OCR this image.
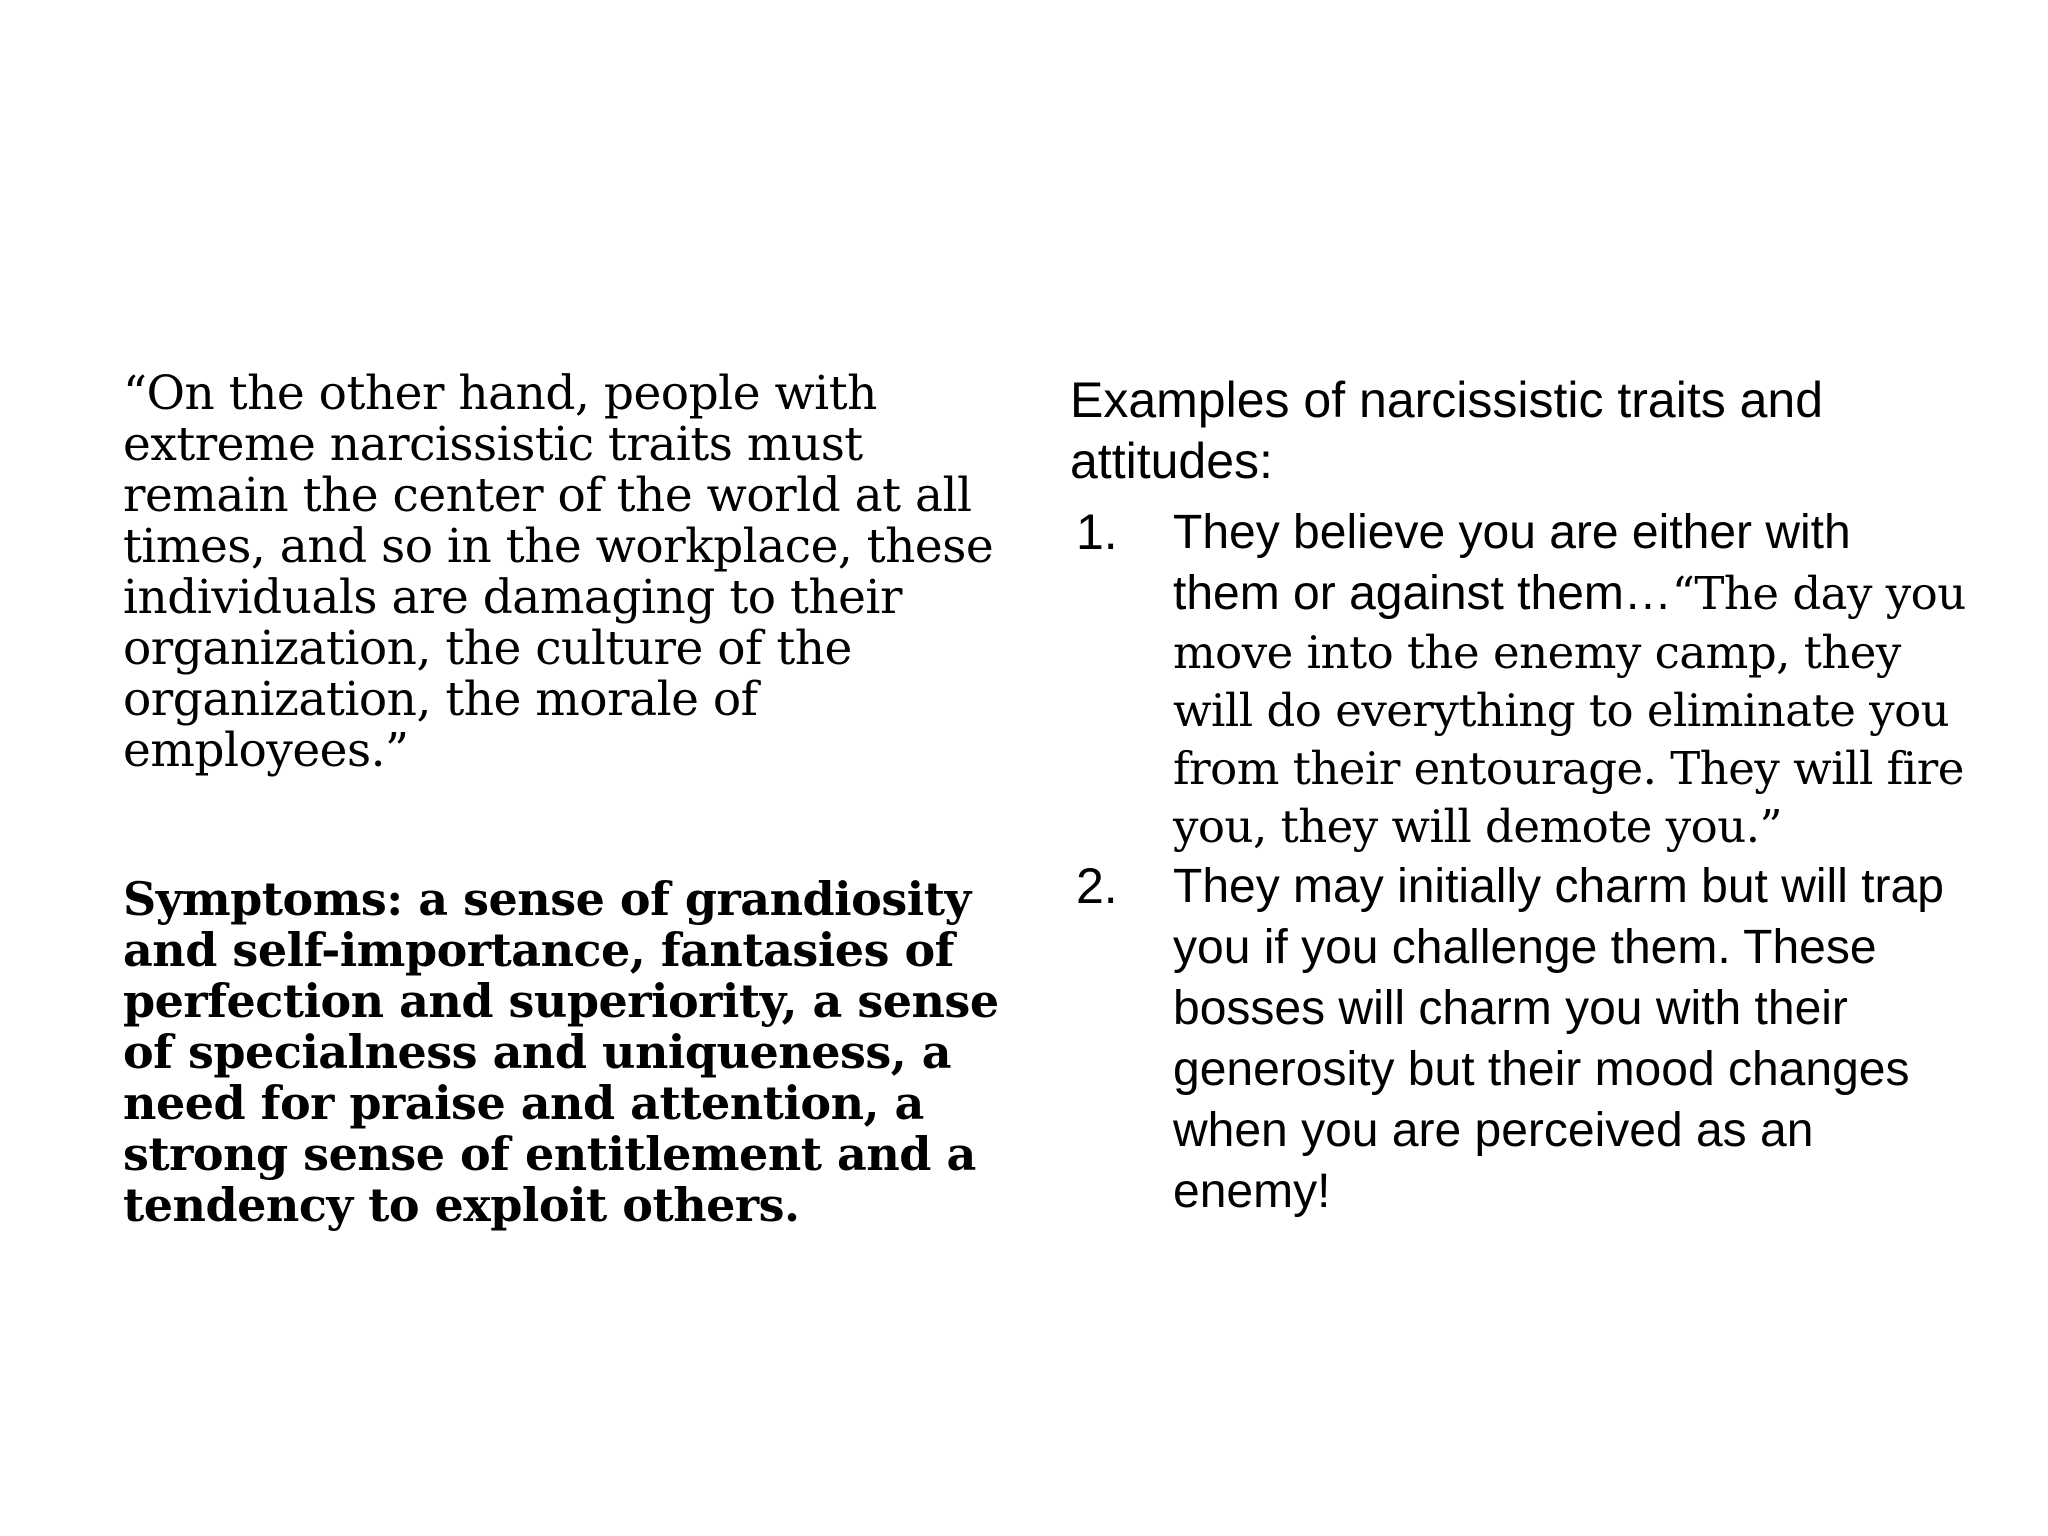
“On the other hand, people with extreme narcissistic traits must remain the center of the world at all times, and so in the workplace, these individuals are damaging to their organization, the culture of the organization, the morale of employees.”

Symptoms: a sense of grandiosity and self-importance, fantasies of perfection and superiority, a sense of specialness and uniqueness, a need for praise and attention, a strong sense of entitlement and a tendency to exploit others.

Examples of narcissistic traits and attitudes:

1. They believe you are either with them or against them…“The day you move into the enemy camp, they will do everything to eliminate you from their entourage. They will fire you, they will demote you.”
2. They may initially charm but will trap you if you challenge them. These bosses will charm you with their generosity but their mood changes when you are perceived as an enemy!
